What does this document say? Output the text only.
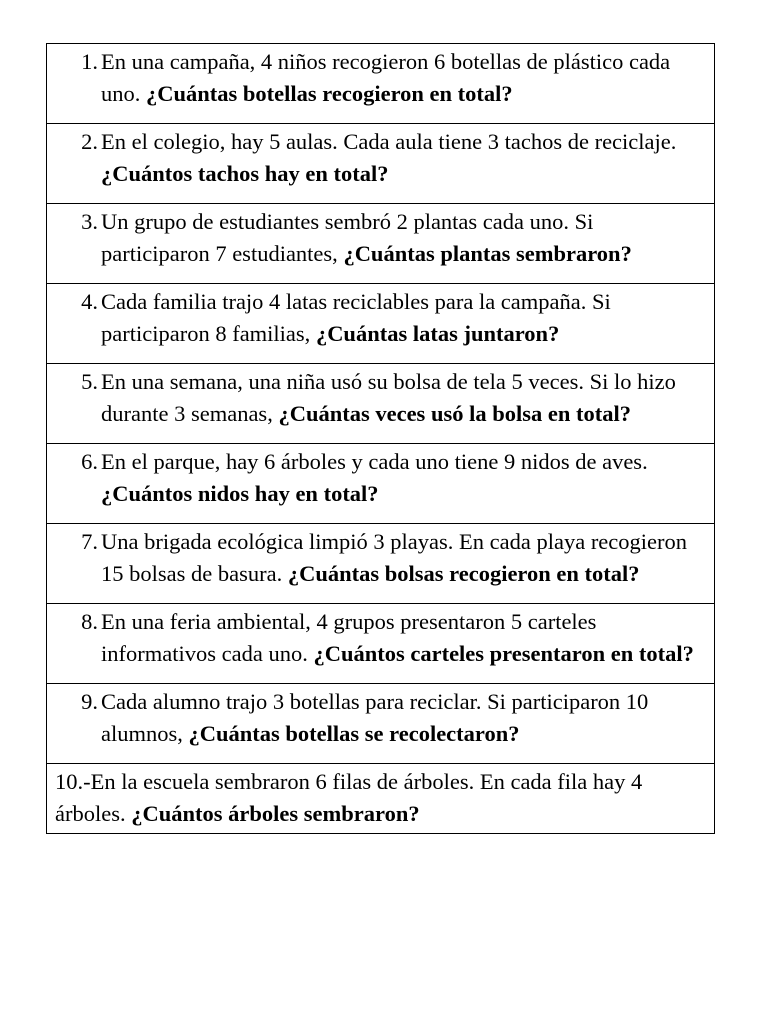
1. En una campaña, 4 niños recogieron 6 botellas de plástico cada uno. ¿Cuántas botellas recogieron en total?

2. En el colegio, hay 5 aulas. Cada aula tiene 3 tachos de reciclaje. ¿Cuántos tachos hay en total?

3. Un grupo de estudiantes sembró 2 plantas cada uno. Si participaron 7 estudiantes, ¿Cuántas plantas sembraron?

4. Cada familia trajo 4 latas reciclables para la campaña. Si participaron 8 familias, ¿Cuántas latas juntaron?

5. En una semana, una niña usó su bolsa de tela 5 veces. Si lo hizo durante 3 semanas, ¿Cuántas veces usó la bolsa en total?

6. En el parque, hay 6 árboles y cada uno tiene 9 nidos de aves. ¿Cuántos nidos hay en total?

7. Una brigada ecológica limpió 3 playas. En cada playa recogieron 15 bolsas de basura. ¿Cuántas bolsas recogieron en total?

8. En una feria ambiental, 4 grupos presentaron 5 carteles informativos cada uno. ¿Cuántos carteles presentaron en total?

9. Cada alumno trajo 3 botellas para reciclar. Si participaron 10 alumnos, ¿Cuántas botellas se recolectaron?

10.-En la escuela sembraron 6 filas de árboles. En cada fila hay 4 árboles. ¿Cuántos árboles sembraron?
